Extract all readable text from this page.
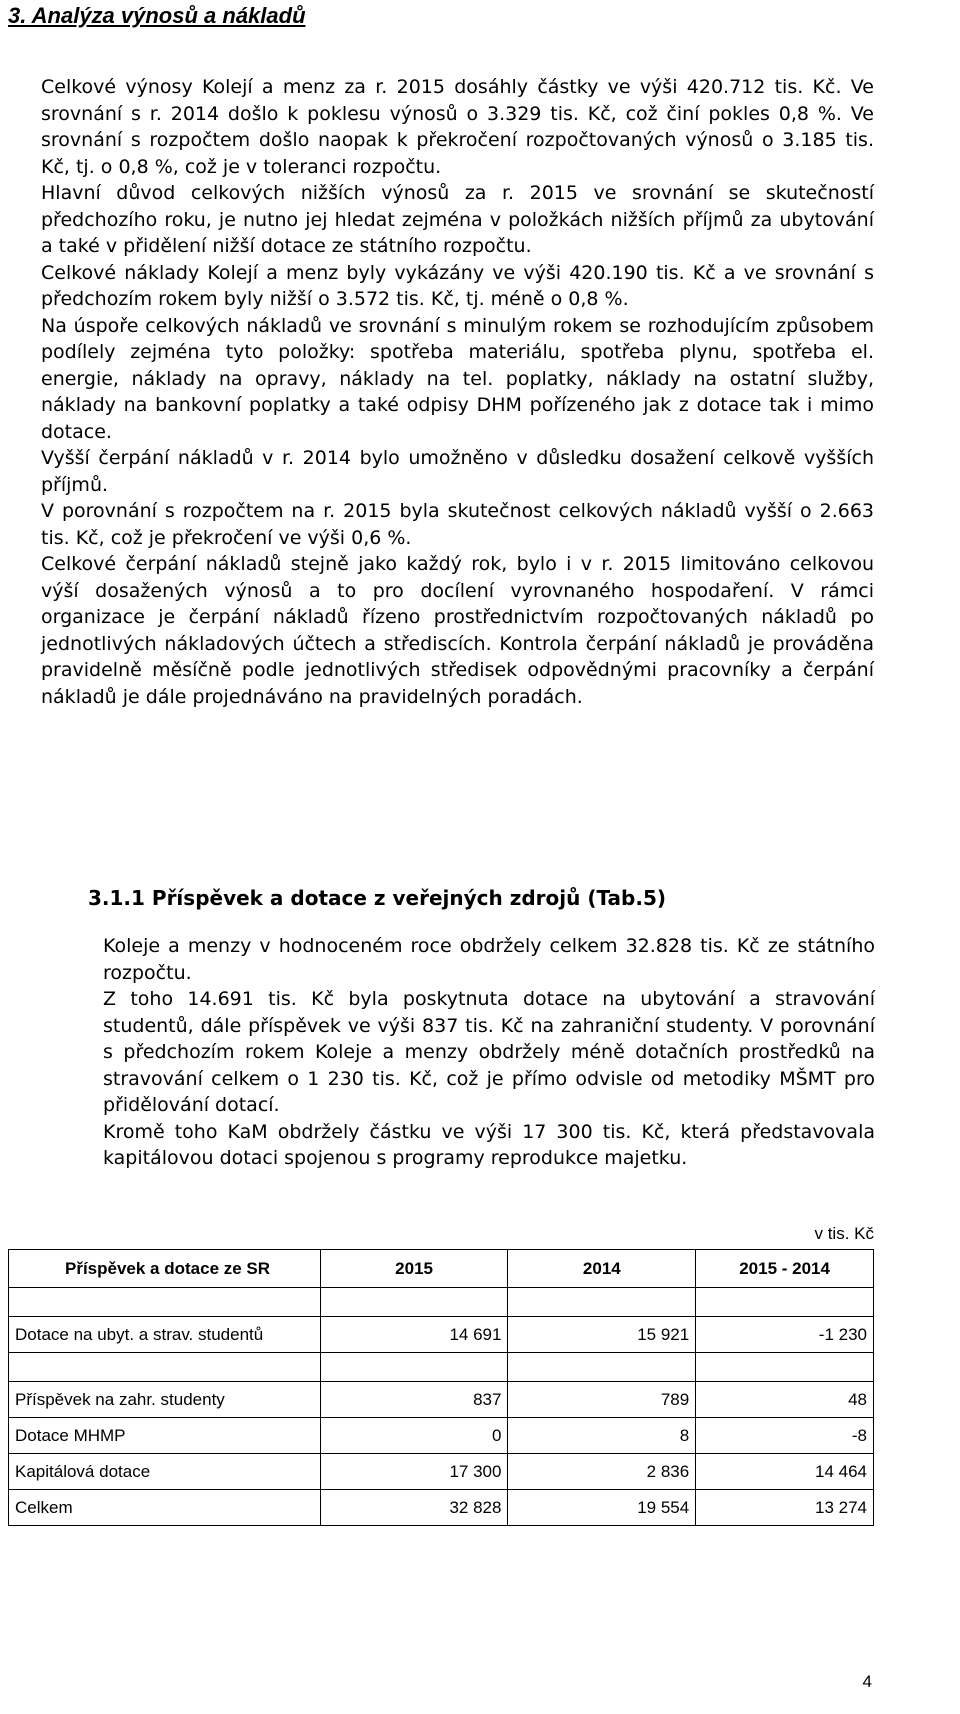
3. Analýza výnosů a nákladů

Celkové výnosy Kolejí a menz za r. 2015 dosáhly částky ve výši 420.712 tis. Kč. Ve srovnání s r. 2014 došlo k poklesu výnosů o 3.329 tis. Kč, což činí pokles 0,8 %. Ve srovnání s rozpočtem došlo naopak k překročení rozpočtovaných výnosů o 3.185 tis. Kč, tj. o 0,8 %, což je v toleranci rozpočtu.

Hlavní důvod celkových nižších výnosů za r. 2015 ve srovnání se skutečností předchozího roku, je nutno jej hledat zejména v položkách nižších příjmů za ubytování a také v přidělení nižší dotace ze státního rozpočtu.

Celkové náklady Kolejí a menz byly vykázány ve výši 420.190 tis. Kč a ve srovnání s předchozím rokem byly nižší o 3.572 tis. Kč, tj. méně o 0,8 %.

Na úspoře celkových nákladů ve srovnání s minulým rokem se rozhodujícím způsobem podílely zejména tyto položky: spotřeba materiálu, spotřeba plynu, spotřeba el. energie, náklady na opravy, náklady na tel. poplatky, náklady na ostatní služby, náklady na bankovní poplatky a také odpisy DHM pořízeného jak z dotace tak i mimo dotace.

Vyšší čerpání nákladů v r. 2014 bylo umožněno v důsledku dosažení celkově vyšších příjmů.

V porovnání s rozpočtem na r. 2015 byla skutečnost celkových nákladů vyšší o 2.663 tis. Kč, což je překročení ve výši 0,6 %.

Celkové čerpání nákladů stejně jako každý rok, bylo i v r. 2015 limitováno celkovou výší dosažených výnosů a to pro docílení vyrovnaného hospodaření. V rámci organizace je čerpání nákladů řízeno prostřednictvím rozpočtovaných nákladů po jednotlivých nákladových účtech a střediscích. Kontrola čerpání nákladů je prováděna pravidelně měsíčně podle jednotlivých středisek odpovědnými pracovníky a čerpání nákladů je dále projednáváno na pravidelných poradách.

3.1.1 Příspěvek a dotace z veřejných zdrojů (Tab.5)

Koleje a menzy v hodnoceném roce obdržely celkem 32.828 tis. Kč ze státního rozpočtu.

Z toho 14.691 tis. Kč byla poskytnuta dotace na ubytování a stravování studentů, dále příspěvek ve výši 837 tis. Kč na zahraniční studenty. V porovnání s předchozím rokem Koleje a menzy obdržely méně dotačních prostředků na stravování celkem o 1 230 tis. Kč, což je přímo odvisle od metodiky MŠMT pro přidělování dotací.

Kromě toho KaM obdržely částku ve výši 17 300 tis. Kč, která představovala kapitálovou dotaci spojenou s programy reprodukce majetku.

v tis. Kč
Příspěvek a dotace ze SR	2015	2014	2015 - 2014

Dotace na ubyt. a strav. studentů	14 691	15 921	-1 230

Příspěvek na zahr. studenty	837	789	48
Dotace MHMP	0	8	-8
Kapitálová dotace	17 300	2 836	14 464
Celkem	32 828	19 554	13 274
4
